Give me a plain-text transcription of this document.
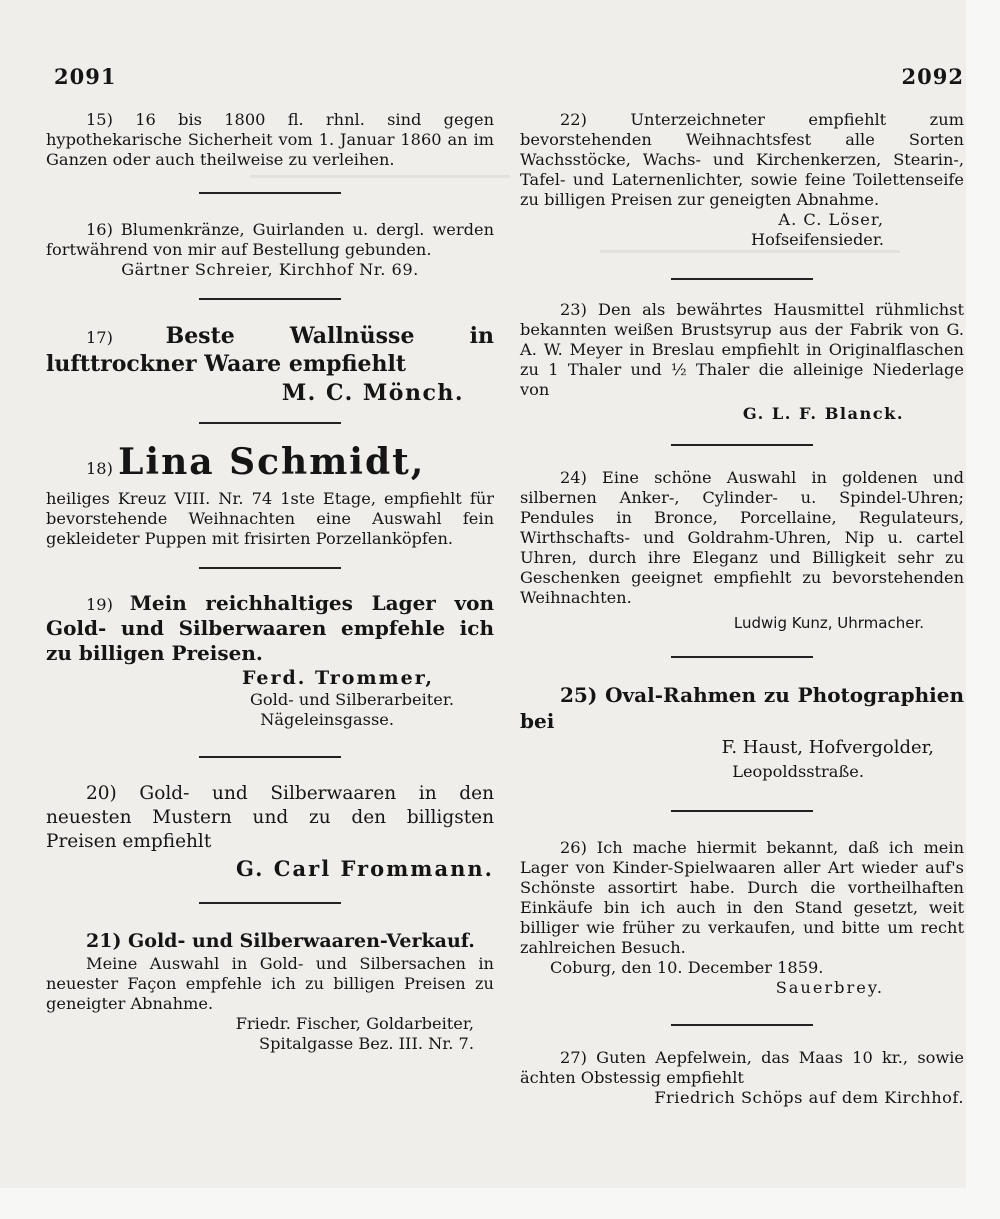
2091	2092

15) 16 bis 1800 fl. rhnl. sind gegen hypothekarische Sicherheit vom 1. Januar 1860 an im Ganzen oder auch theilweise zu verleihen.

16) Blumenkränze, Guirlanden u. dergl. werden fortwährend von mir auf Bestellung gebunden.

Gärtner Schreier, Kirchhof Nr. 69.

17) Beste Wallnüsse in lufttrockner Waare empfiehlt

M. C. Mönch.

18) Lina Schmidt,

heiliges Kreuz VIII. Nr. 74 1ste Etage, empfiehlt für bevorstehende Weihnachten eine Auswahl fein gekleideter Puppen mit frisirten Porzellanköpfen.

19) Mein reichhaltiges Lager von Gold- und Silberwaaren empfehle ich zu billigen Preisen.

Ferd. Trommer,

Gold- und Silberarbeiter.

Nägeleinsgasse.

20) Gold- und Silberwaaren in den neuesten Mustern und zu den billigsten Preisen empfiehlt

G. Carl Frommann.

21) Gold- und Silberwaaren-Verkauf.

Meine Auswahl in Gold- und Silbersachen in neuester Façon empfehle ich zu billigen Preisen zu geneigter Abnahme.

Friedr. Fischer, Goldarbeiter,

Spitalgasse Bez. III. Nr. 7.

22) Unterzeichneter empfiehlt zum bevorstehenden Weihnachtsfest alle Sorten Wachsstöcke, Wachs- und Kirchenkerzen, Stearin-, Tafel- und Laternenlichter, sowie feine Toilettenseife zu billigen Preisen zur geneigten Abnahme.

A. C. Löser,

Hofseifensieder.

23) Den als bewährtes Hausmittel rühmlichst bekannten weißen Brustsyrup aus der Fabrik von G. A. W. Meyer in Breslau empfiehlt in Originalflaschen zu 1 Thaler und ½ Thaler die alleinige Niederlage von

G. L. F. Blanck.

24) Eine schöne Auswahl in goldenen und silbernen Anker-, Cylinder- u. Spindel-Uhren; Pendules in Bronce, Porcellaine, Regulateurs, Wirthschafts- und Goldrahm-Uhren, Nip u. cartel Uhren, durch ihre Eleganz und Billigkeit sehr zu Geschenken geeignet empfiehlt zu bevorstehenden Weihnachten.

Ludwig Kunz, Uhrmacher.

25) Oval-Rahmen zu Photographien bei

F. Haust, Hofvergolder,

Leopoldsstraße.

26) Ich mache hiermit bekannt, daß ich mein Lager von Kinder-Spielwaaren aller Art wieder auf's Schönste assortirt habe. Durch die vortheilhaften Einkäufe bin ich auch in den Stand gesetzt, weit billiger wie früher zu verkaufen, und bitte um recht zahlreichen Besuch.

Coburg, den 10. December 1859.

Sauerbrey.

27) Guten Aepfelwein, das Maas 10 kr., sowie ächten Obstessig empfiehlt

Friedrich Schöps auf dem Kirchhof.
